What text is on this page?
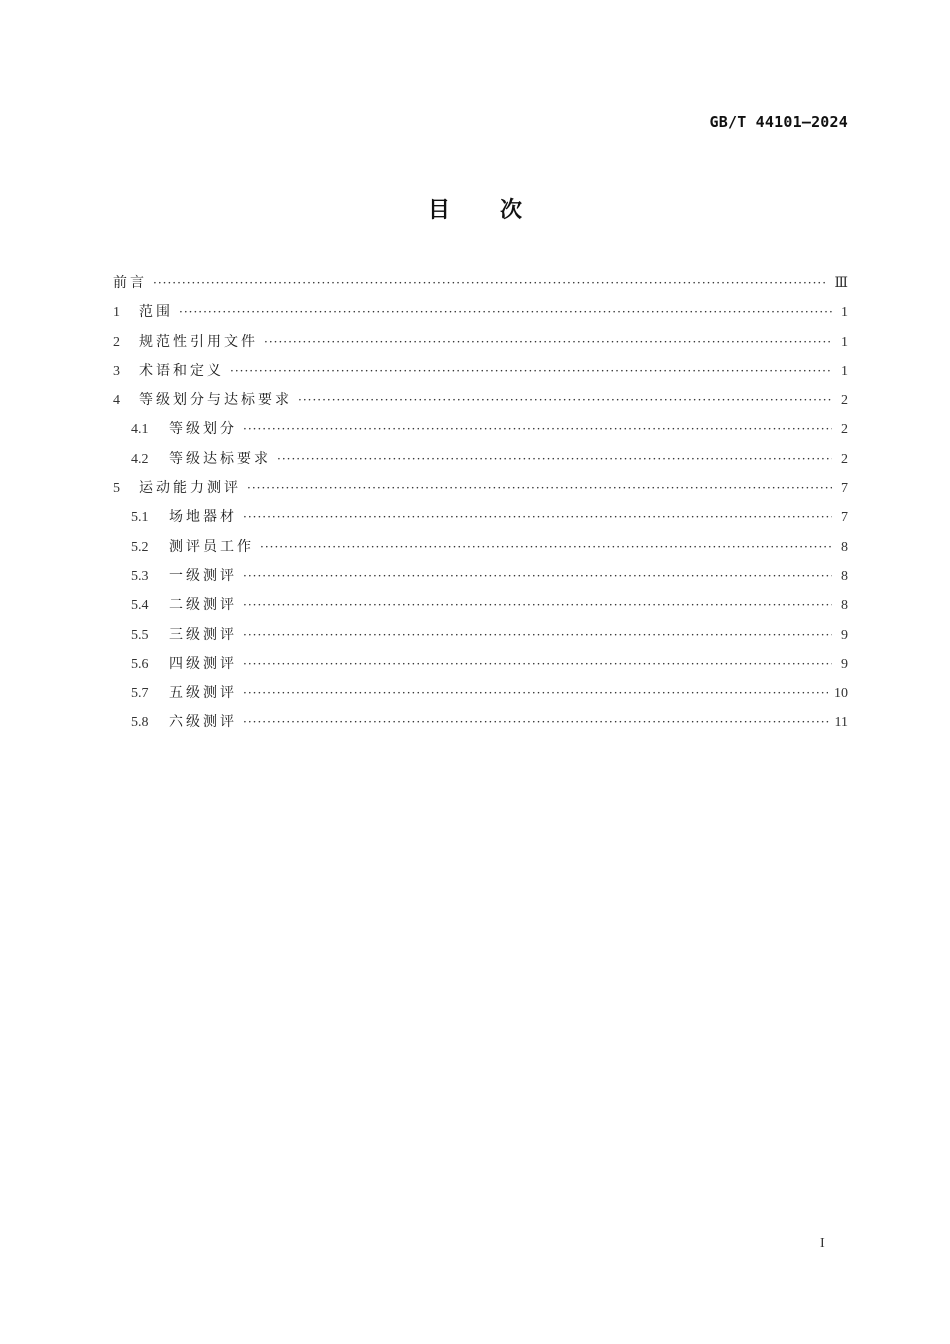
GB/T 44101—2024
目次
前言 ·····	Ⅲ
1	范围 ·····	1
2	规范性引用文件 ·····	1
3	术语和定义 ·····	1
4	等级划分与达标要求 ·····	2
4.1	等级划分 ·····	2
4.2	等级达标要求 ·····	2
5	运动能力测评 ·····	7
5.1	场地器材 ·····	7
5.2	测评员工作 ·····	8
5.3	一级测评 ·····	8
5.4	二级测评 ·····	8
5.5	三级测评 ·····	9
5.6	四级测评 ·····	9
5.7	五级测评 ·····	10
5.8	六级测评 ·····	11
I
